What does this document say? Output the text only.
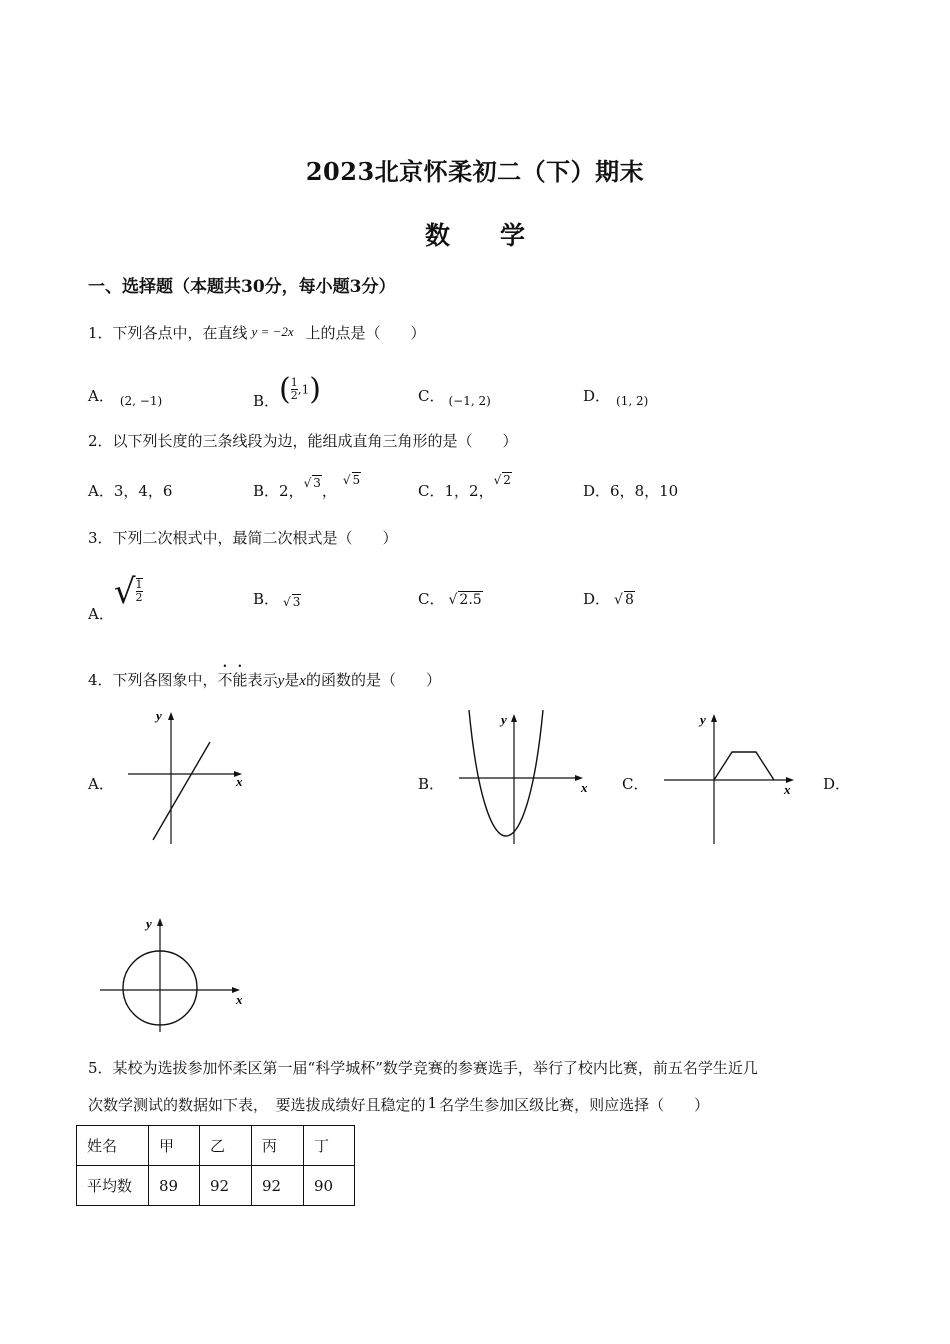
2023北京怀柔初二（下）期末
数　　学
一、选择题（本题共30分，每小题3分）
1．下列各点中，在直线 y = −2x 上的点是（　　）
A． $_{(2, -1)}$	B．( $\frac{1}{2} ,1$)	C． $_{(-1, 2)}$	D． $_{(1, 2)}$
2．以下列长度的三条线段为边，能组成直角三角形的是（　　）
A．3，4，6	B．2，√ 3，√ 5
C．1，2，√ 2
D．6，8，10
3．下列二次根式中，最简二次根式是（　　）
A．√ $\frac{1}{2}$	B． √ 3	C． √ 2.5	D． √ 8
4．下列各图象中，不能表示y是x的函数的是（　　）
A．
y
x	B．
y
x C．
y
x D．
y
x
5．某校为选拔参加怀柔区第一届“科学城杯”数学竞赛的参赛选手，举行了校内比赛，前五名学生近几
次数学测试的数据如下表，　要选拔成绩好且稳定的 1 名学生参加区级比赛，则应选择（　　）
姓名	甲	乙	丙	丁
平均数	89	92	92	90
